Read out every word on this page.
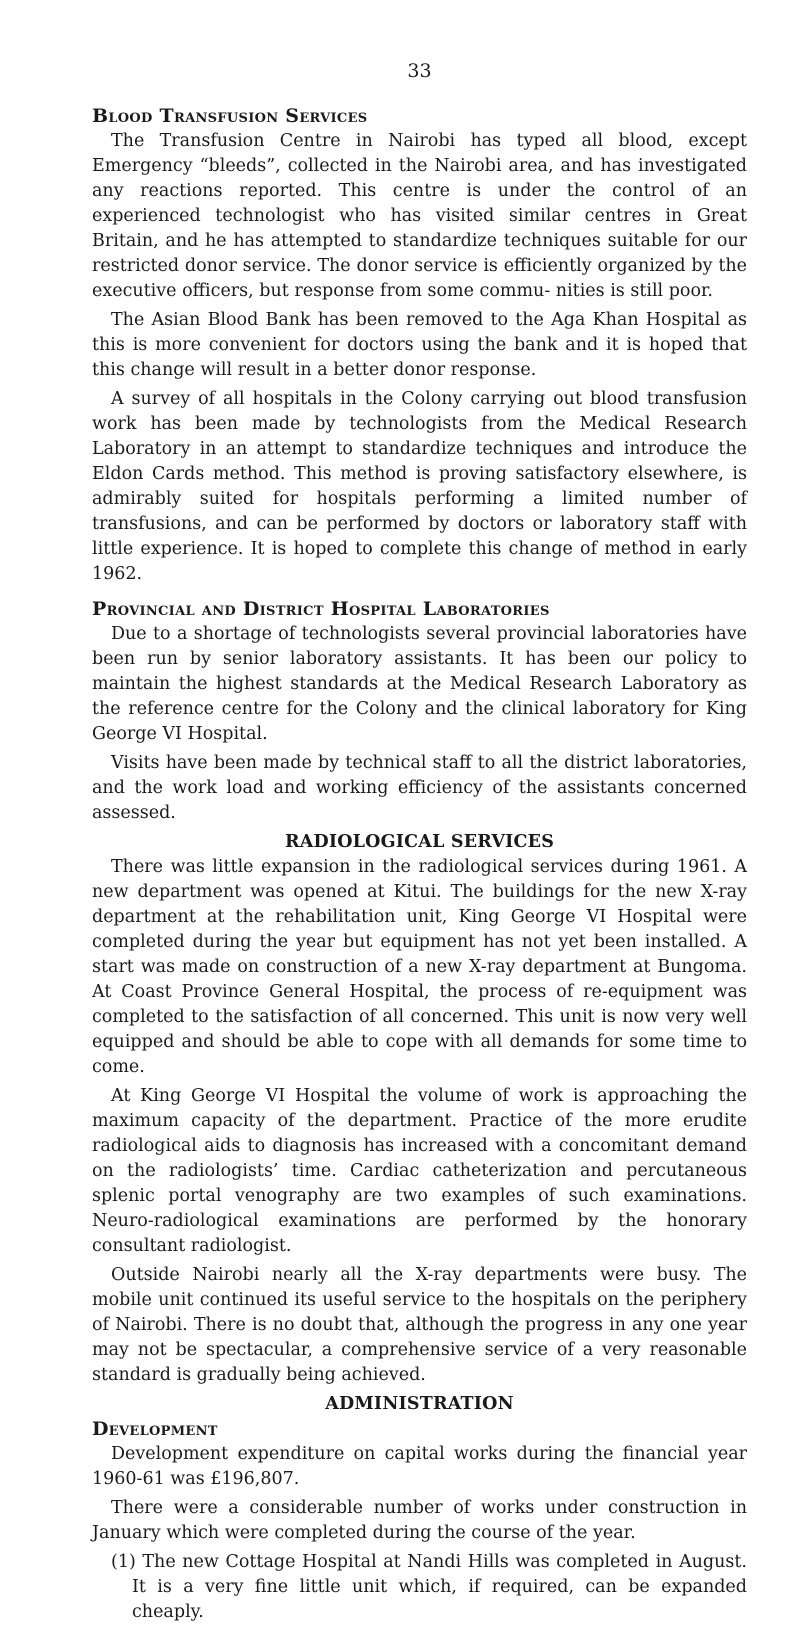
33
Blood Transfusion Services

The Transfusion Centre in Nairobi has typed all blood, except Emergency “bleeds”, collected in the Nairobi area, and has investigated any reactions reported. This centre is under the control of an experienced technologist who has visited similar centres in Great Britain, and he has attempted to standardize techniques suitable for our restricted donor service. The donor service is efficiently organized by the executive officers, but response from some commu- nities is still poor.

The Asian Blood Bank has been removed to the Aga Khan Hospital as this is more convenient for doctors using the bank and it is hoped that this change will result in a better donor response.

A survey of all hospitals in the Colony carrying out blood transfusion work has been made by technologists from the Medical Research Laboratory in an attempt to standardize techniques and introduce the Eldon Cards method. This method is proving satisfactory elsewhere, is admirably suited for hospitals performing a limited number of transfusions, and can be performed by doctors or laboratory staff with little experience. It is hoped to complete this change of method in early 1962.

Provincial and District Hospital Laboratories

Due to a shortage of technologists several provincial laboratories have been run by senior laboratory assistants. It has been our policy to maintain the highest standards at the Medical Research Laboratory as the reference centre for the Colony and the clinical laboratory for King George VI Hospital.

Visits have been made by technical staff to all the district laboratories, and the work load and working efficiency of the assistants concerned assessed.

RADIOLOGICAL SERVICES

There was little expansion in the radiological services during 1961. A new department was opened at Kitui. The buildings for the new X-ray department at the rehabilitation unit, King George VI Hospital were completed during the year but equipment has not yet been installed. A start was made on construction of a new X-ray department at Bungoma. At Coast Province General Hospital, the process of re-equipment was completed to the satisfaction of all concerned. This unit is now very well equipped and should be able to cope with all demands for some time to come.

At King George VI Hospital the volume of work is approaching the maximum capacity of the department. Practice of the more erudite radiological aids to diagnosis has increased with a concomitant demand on the radiologists’ time. Cardiac catheterization and percutaneous splenic portal venography are two examples of such examinations. Neuro-radiological examinations are performed by the honorary consultant radiologist.

Outside Nairobi nearly all the X-ray departments were busy. The mobile unit continued its useful service to the hospitals on the periphery of Nairobi. There is no doubt that, although the progress in any one year may not be spectacular, a comprehensive service of a very reasonable standard is gradually being achieved.

ADMINISTRATION
Development

Development expenditure on capital works during the financial year 1960-61 was £196,807.

There were a considerable number of works under construction in January which were completed during the course of the year.

(1) The new Cottage Hospital at Nandi Hills was completed in August. It is a very fine little unit which, if required, can be expanded cheaply.
